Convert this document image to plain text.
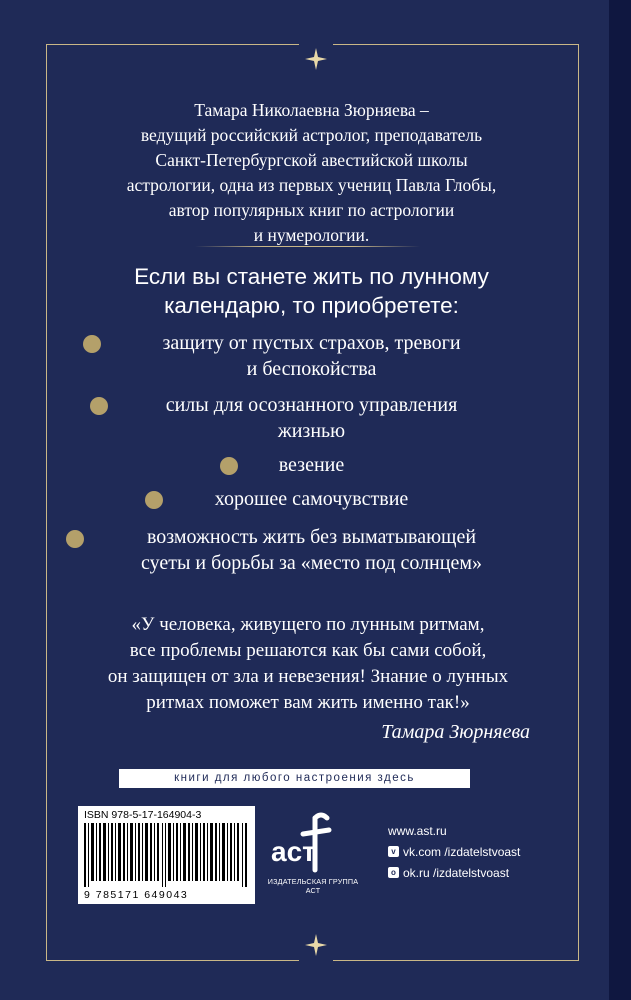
Тамара Николаевна Зюрняева –
ведущий российский астролог, преподаватель
Санкт-Петербургской авестийской школы
астрологии, одна из первых учениц Павла Глобы,
автор популярных книг по астрологии
и нумерологии.
Если вы станете жить по лунному
календарю, то приобретете:
защиту от пустых страхов, тревоги
и беспокойства
силы для осознанного управления
жизнью
везение
хорошее самочувствие
возможность жить без выматывающей
суеты и борьбы за «место под солнцем»
«У человека, живущего по лунным ритмам,
все проблемы решаются как бы сами собой,
он защищен от зла и невезения! Знание о лунных
ритмах поможет вам жить именно так!»
Тамара Зюрняева
книги для любого настроения здесь
ISBN 978-5-17-164904-3
9 785171 649043
аст
ИЗДАТЕЛЬСКАЯ ГРУППА АСТ
www.ast.ru
v vk.com /izdatelstvoast
o ok.ru /izdatelstvoast
